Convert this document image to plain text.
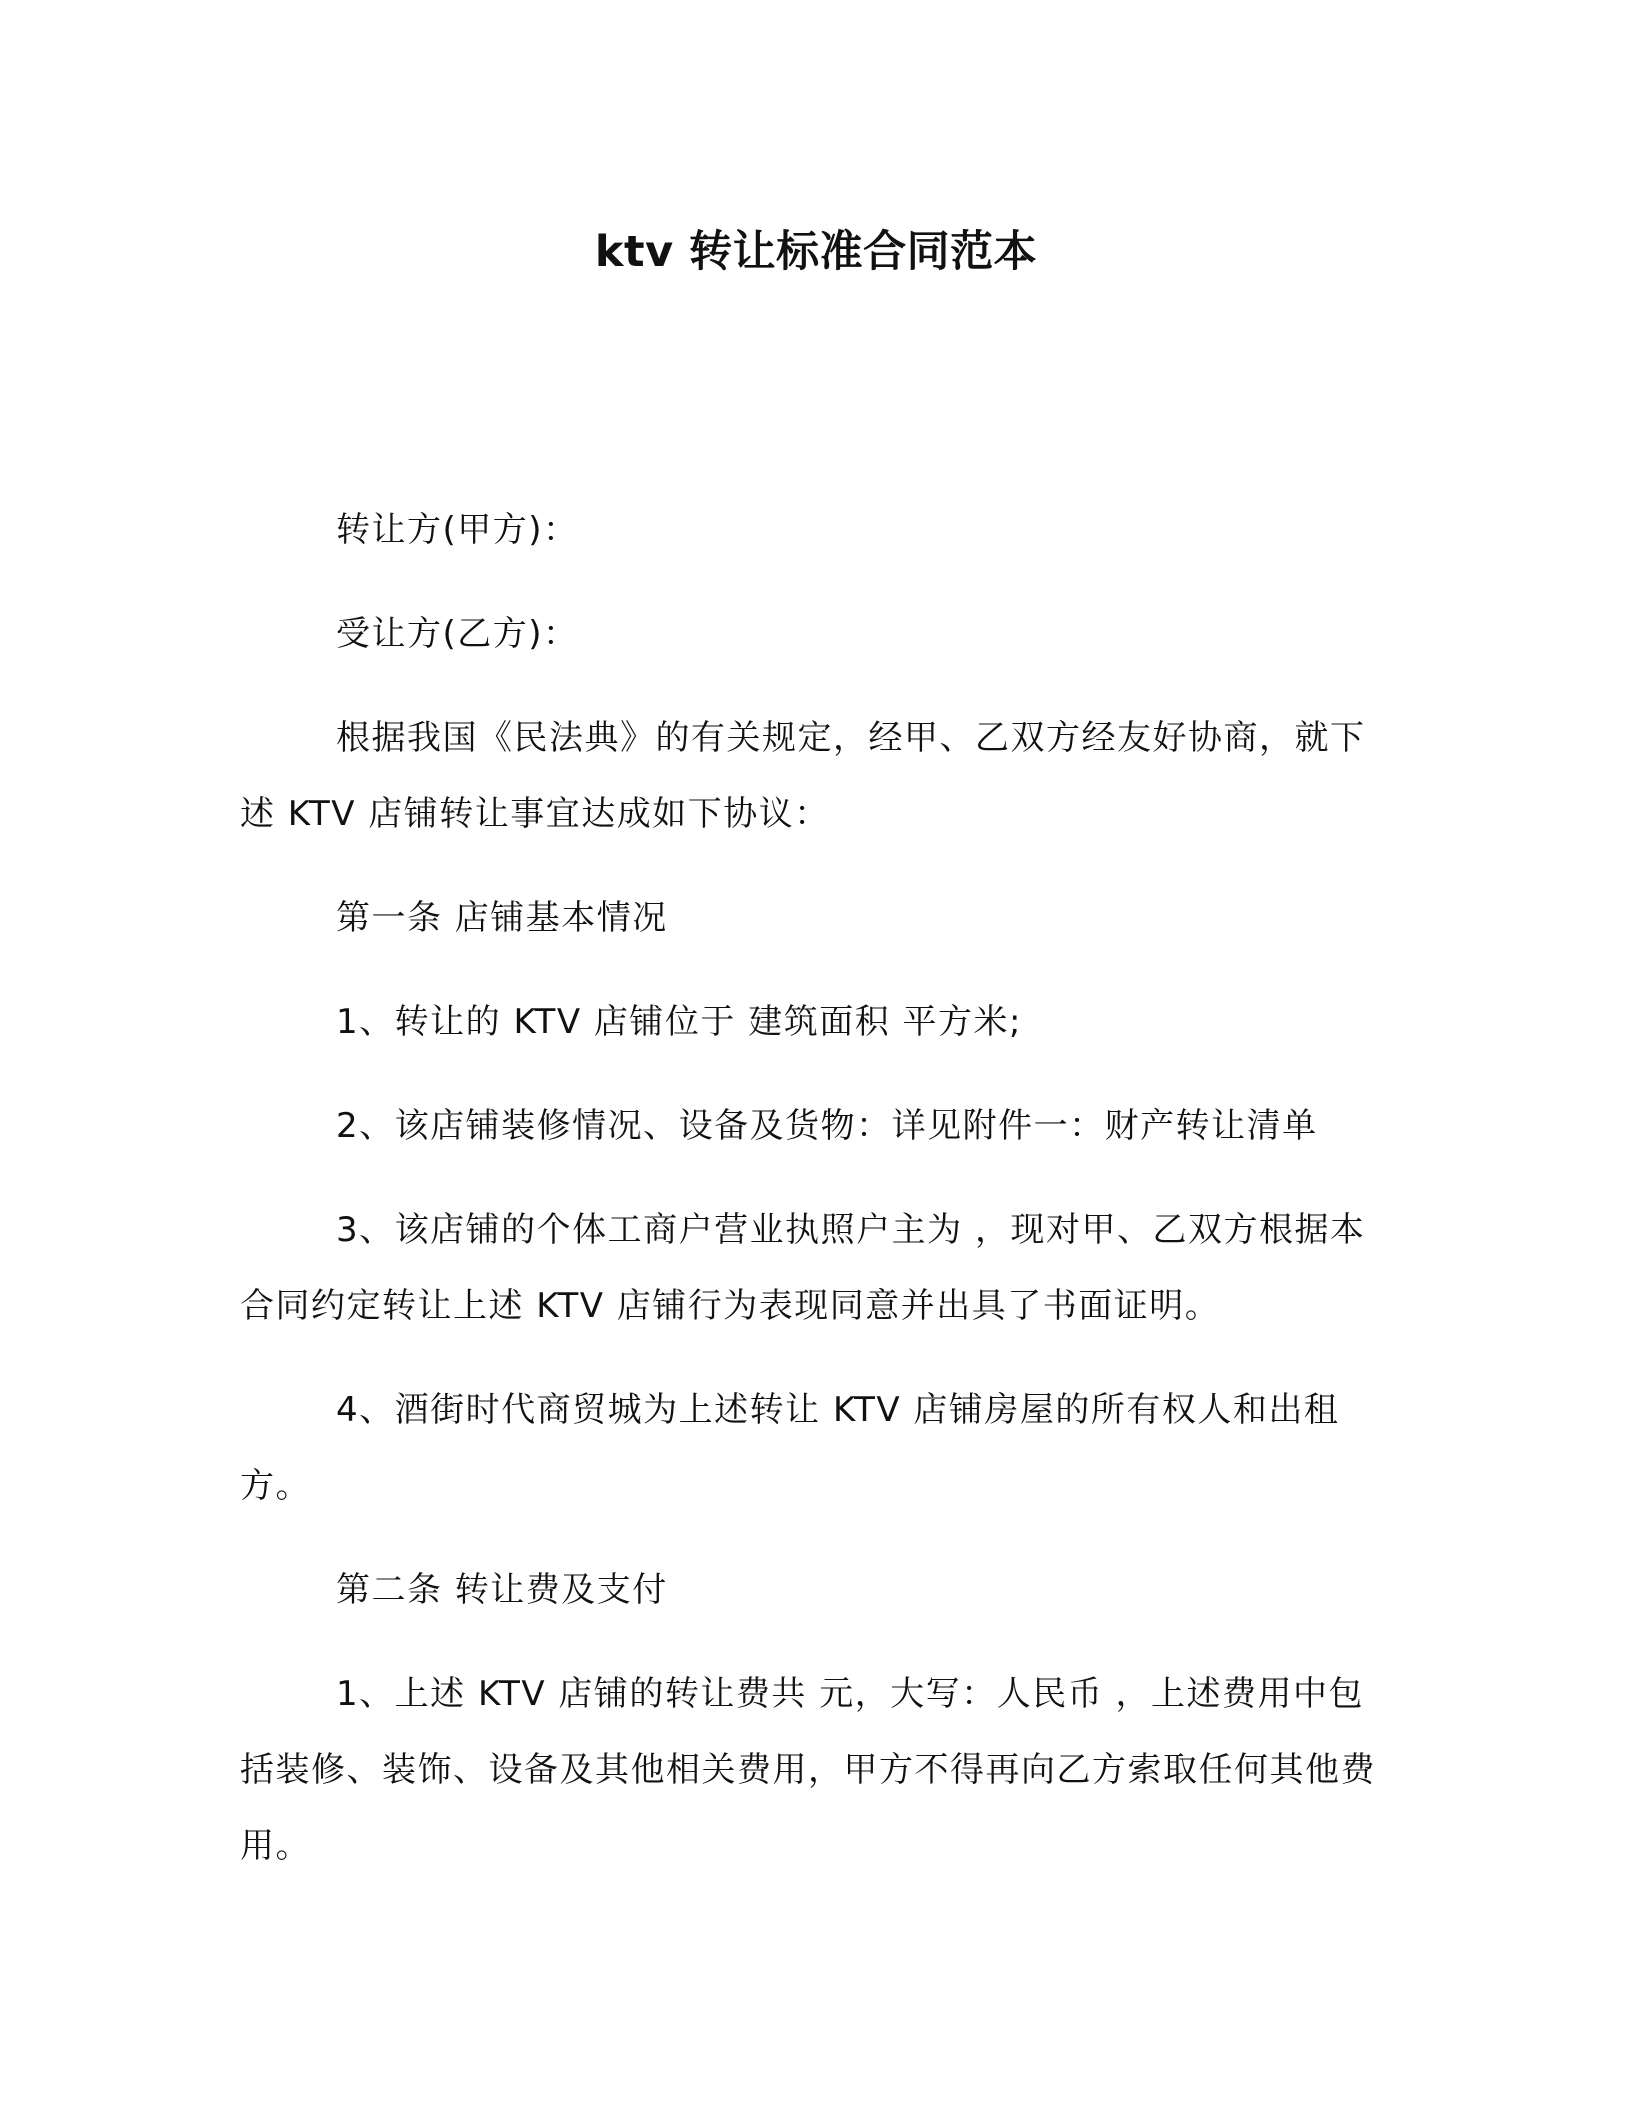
ktv 转让标准合同范本

转让方(甲方)：

受让方(乙方)：

根据我国《民法典》的有关规定，经甲、乙双方经友好协商，就下述 KTV 店铺转让事宜达成如下协议：

第一条 店铺基本情况

1、转让的 KTV 店铺位于 建筑面积 平方米;

2、该店铺装修情况、设备及货物：详见附件一：财产转让清单

3、该店铺的个体工商户营业执照户主为 ，现对甲、乙双方根据本合同约定转让上述 KTV 店铺行为表现同意并出具了书面证明。

4、酒街时代商贸城为上述转让 KTV 店铺房屋的所有权人和出租方。

第二条 转让费及支付

1、上述 KTV 店铺的转让费共 元，大写：人民币 ，上述费用中包括装修、装饰、设备及其他相关费用，甲方不得再向乙方索取任何其他费用。
